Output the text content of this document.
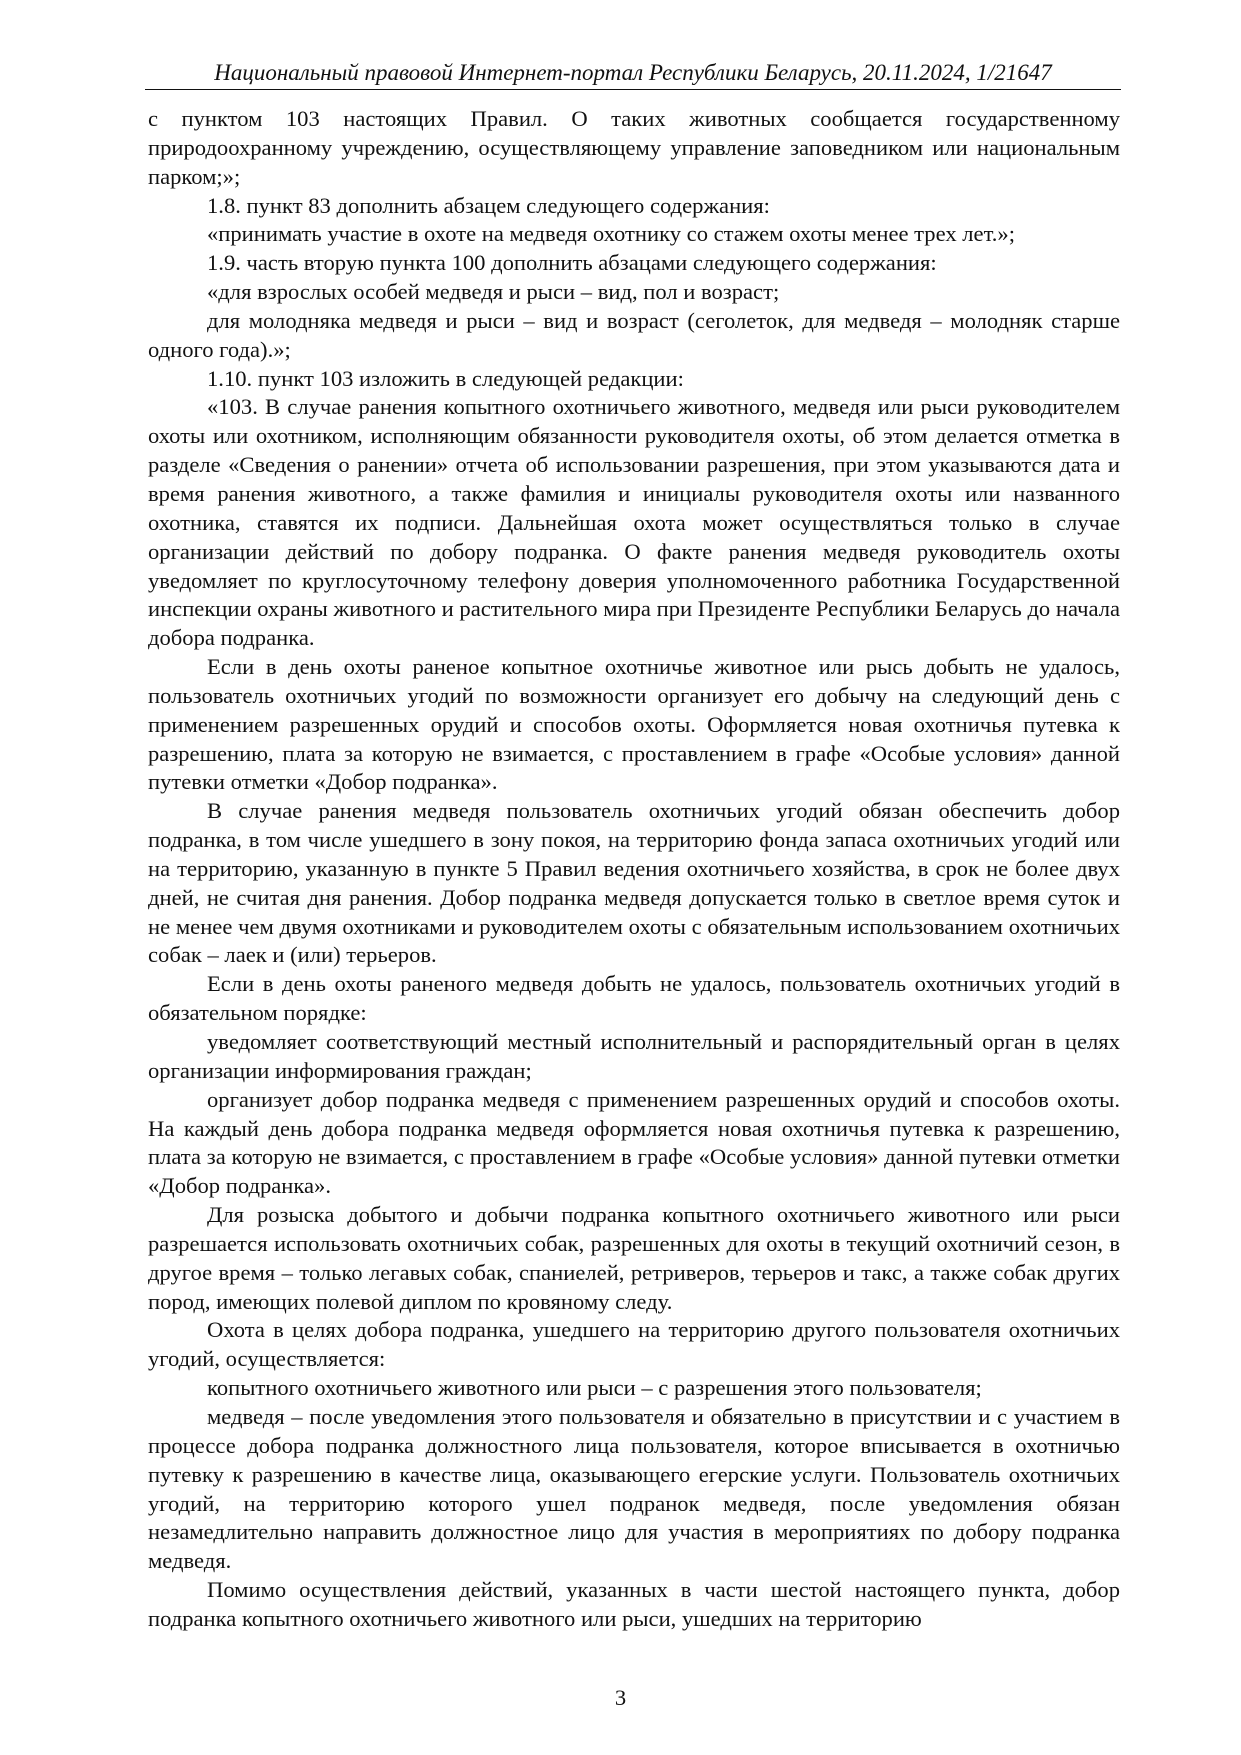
Национальный правовой Интернет-портал Республики Беларусь, 20.11.2024, 1/21647

с пунктом 103 настоящих Правил. О таких животных сообщается государственному природоохранному учреждению, осуществляющему управление заповедником или национальным парком;»;

1.8. пункт 83 дополнить абзацем следующего содержания:

«принимать участие в охоте на медведя охотнику со стажем охоты менее трех лет.»;

1.9. часть вторую пункта 100 дополнить абзацами следующего содержания:

«для взрослых особей медведя и рыси – вид, пол и возраст;

для молодняка медведя и рыси – вид и возраст (сеголеток, для медведя – молодняк старше одного года).»;

1.10. пункт 103 изложить в следующей редакции:

«103. В случае ранения копытного охотничьего животного, медведя или рыси руководителем охоты или охотником, исполняющим обязанности руководителя охоты, об этом делается отметка в разделе «Сведения о ранении» отчета об использовании разрешения, при этом указываются дата и время ранения животного, а также фамилия и инициалы руководителя охоты или названного охотника, ставятся их подписи. Дальнейшая охота может осуществляться только в случае организации действий по добору подранка. О факте ранения медведя руководитель охоты уведомляет по круглосуточному телефону доверия уполномоченного работника Государственной инспекции охраны животного и растительного мира при Президенте Республики Беларусь до начала добора подранка.

Если в день охоты раненое копытное охотничье животное или рысь добыть не удалось, пользователь охотничьих угодий по возможности организует его добычу на следующий день с применением разрешенных орудий и способов охоты. Оформляется новая охотничья путевка к разрешению, плата за которую не взимается, с проставлением в графе «Особые условия» данной путевки отметки «Добор подранка».

В случае ранения медведя пользователь охотничьих угодий обязан обеспечить добор подранка, в том числе ушедшего в зону покоя, на территорию фонда запаса охотничьих угодий или на территорию, указанную в пункте 5 Правил ведения охотничьего хозяйства, в срок не более двух дней, не считая дня ранения. Добор подранка медведя допускается только в светлое время суток и не менее чем двумя охотниками и руководителем охоты с обязательным использованием охотничьих собак – лаек и (или) терьеров.

Если в день охоты раненого медведя добыть не удалось, пользователь охотничьих угодий в обязательном порядке:

уведомляет соответствующий местный исполнительный и распорядительный орган в целях организации информирования граждан;

организует добор подранка медведя с применением разрешенных орудий и способов охоты. На каждый день добора подранка медведя оформляется новая охотничья путевка к разрешению, плата за которую не взимается, с проставлением в графе «Особые условия» данной путевки отметки «Добор подранка».

Для розыска добытого и добычи подранка копытного охотничьего животного или рыси разрешается использовать охотничьих собак, разрешенных для охоты в текущий охотничий сезон, в другое время – только легавых собак, спаниелей, ретриверов, терьеров и такс, а также собак других пород, имеющих полевой диплом по кровяному следу.

Охота в целях добора подранка, ушедшего на территорию другого пользователя охотничьих угодий, осуществляется:

копытного охотничьего животного или рыси – с разрешения этого пользователя;

медведя – после уведомления этого пользователя и обязательно в присутствии и с участием в процессе добора подранка должностного лица пользователя, которое вписывается в охотничью путевку к разрешению в качестве лица, оказывающего егерские услуги. Пользователь охотничьих угодий, на территорию которого ушел подранок медведя, после уведомления обязан незамедлительно направить должностное лицо для участия в мероприятиях по добору подранка медведя.

Помимо осуществления действий, указанных в части шестой настоящего пункта, добор подранка копытного охотничьего животного или рыси, ушедших на территорию

3
